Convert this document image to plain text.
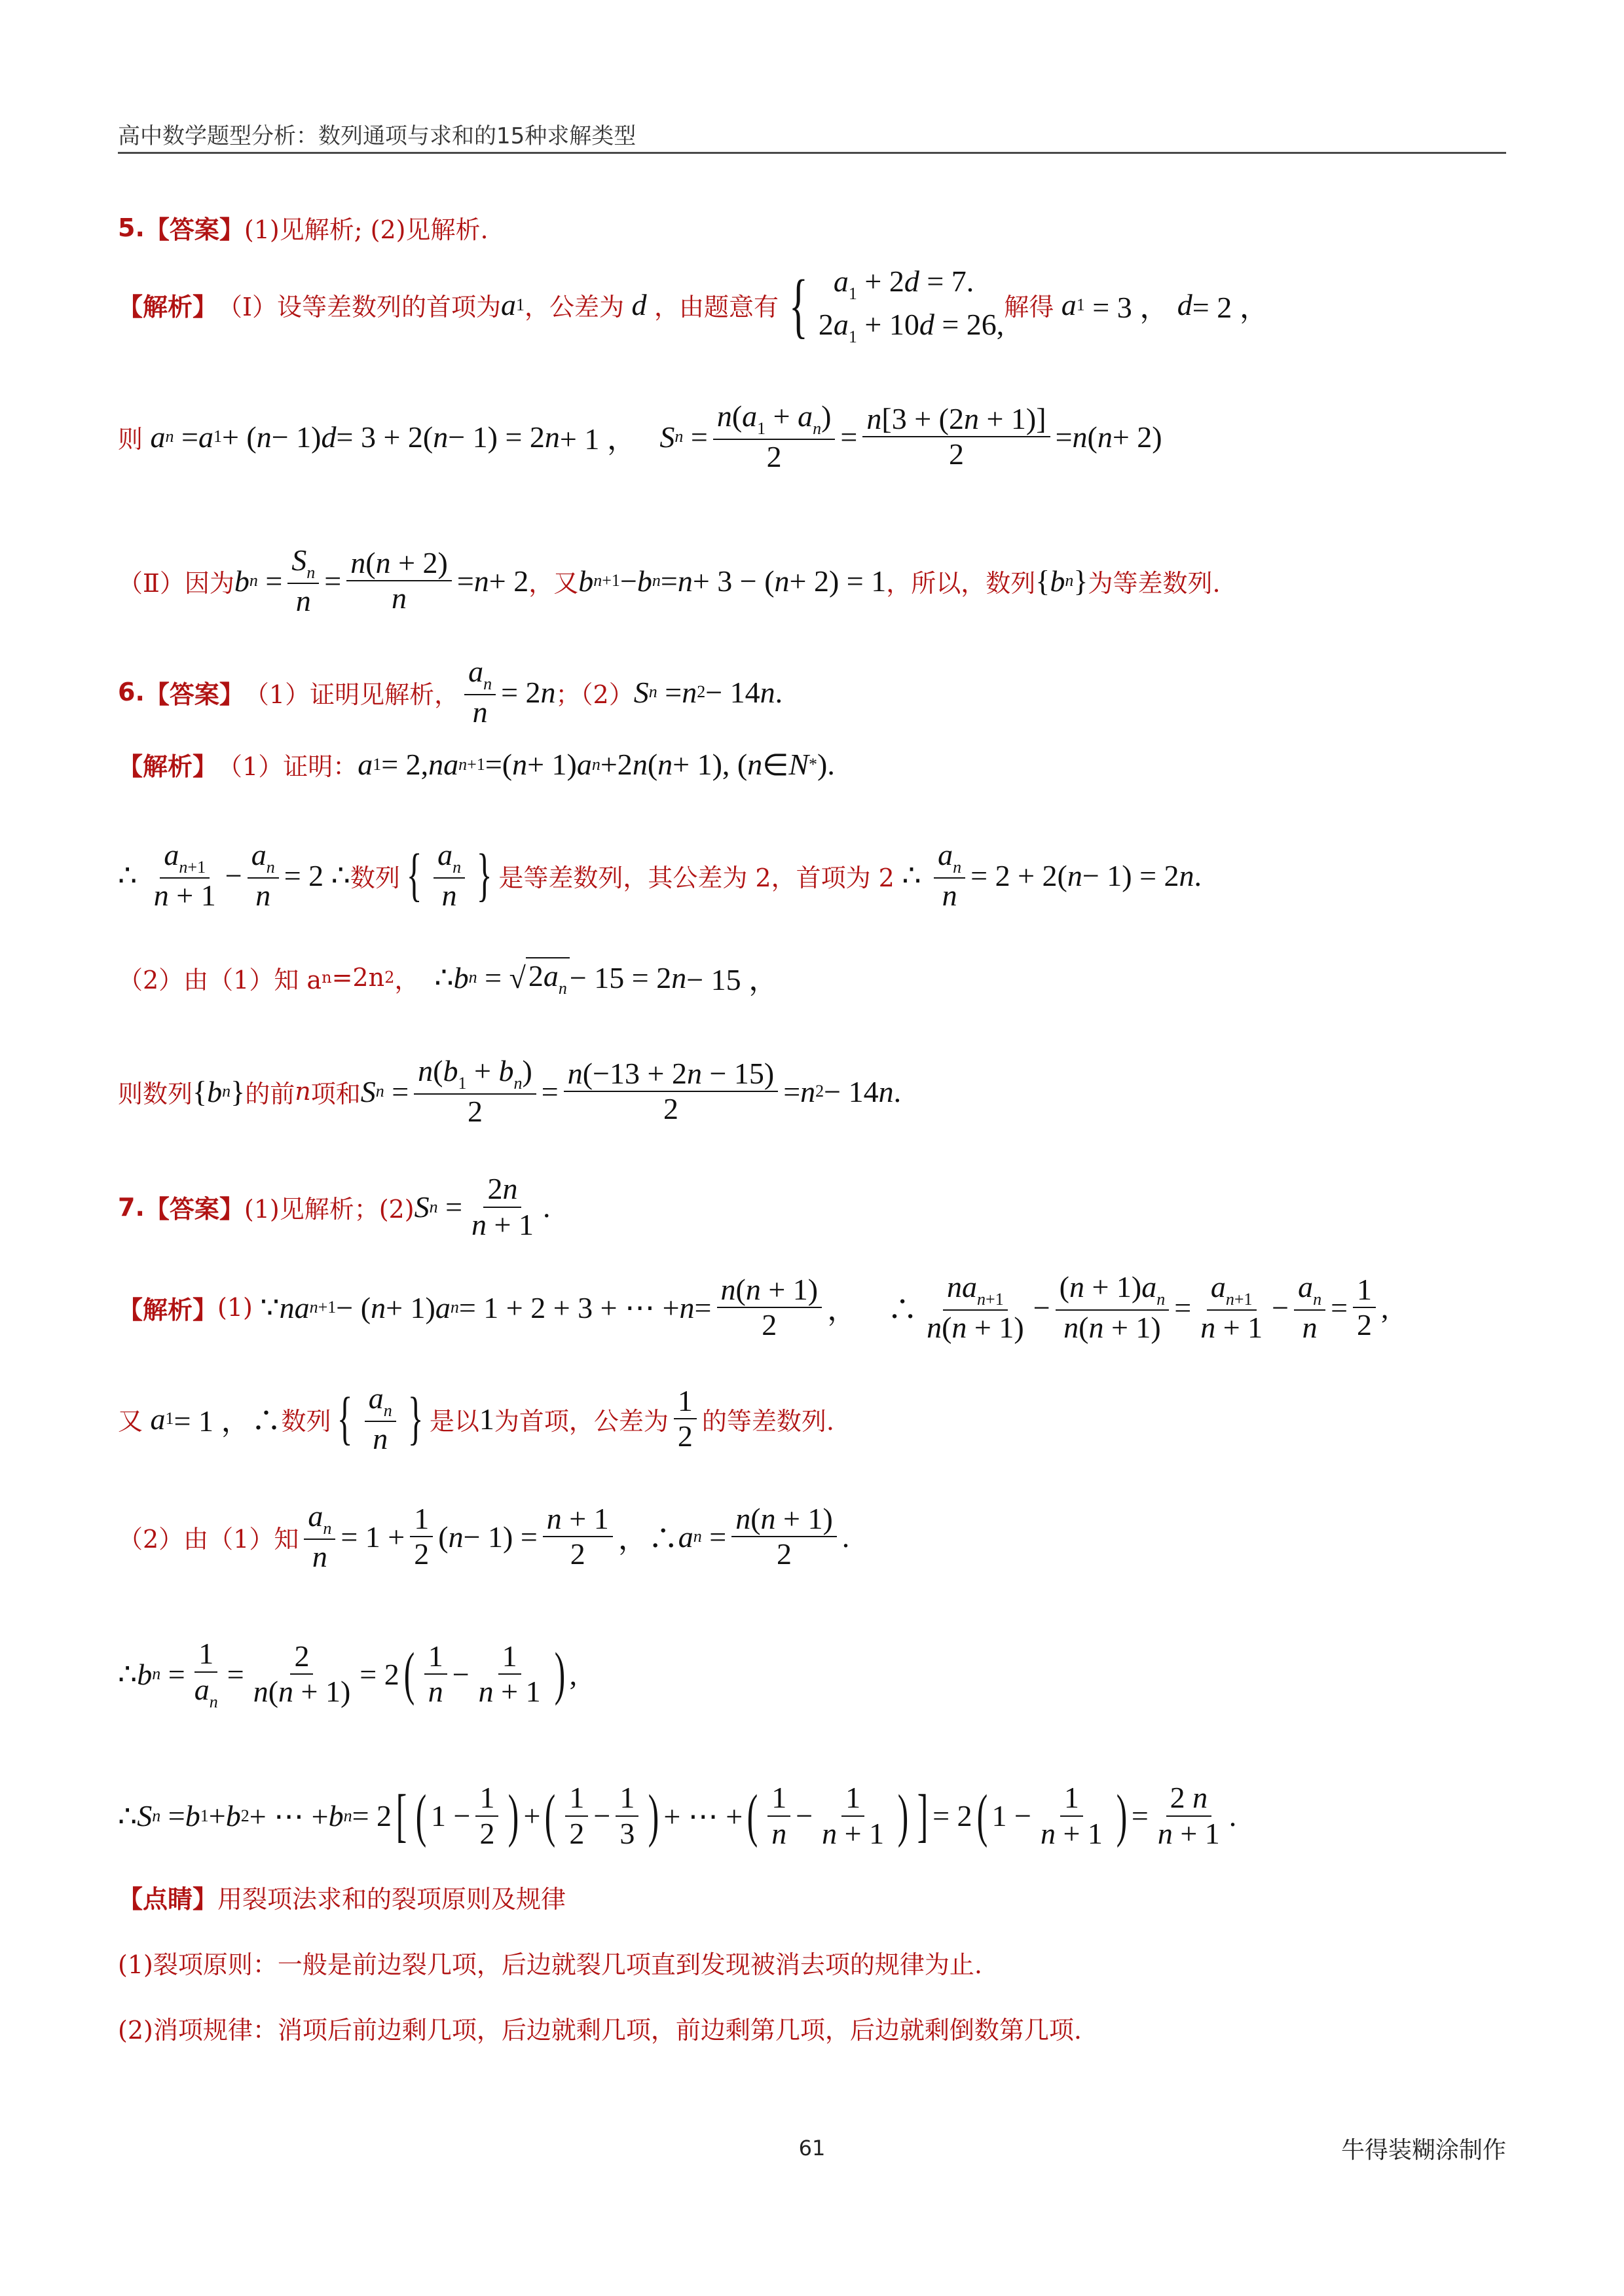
高中数学题型分析：数列通项与求和的15种求解类型
5. 【答案】 (1)见解析; (2)见解析.
【解析】 （Ⅰ）设等差数列的首项为 a 1 ，公差为
d
，由题意有 { $a_1 + 2d = 7$.
$2a_1 + 10d = 26$,
解得
a 1 = 3 ， d = 2 ，
则
a n = a 1 + ( n − 1) d = 3 + 2( n − 1) = 2 n + 1 ， S $n = \frac{n(a_1 + a_n)}{2} = \frac{n[3 + (2n + 1)]}{2} = n$ ( n + 2)
（Ⅱ）因为 b $n = \frac{S_n}{n} = \frac{n(n + 2)}{n} = n + 2$ ，又 b n+1 − b n = n + 3 − ( n + 2) = 1 ，所以，数列 { b n } 为等差数列.
6. 【答案】 （1）证明见解析， $\frac{a_n}{n} = 2$ n ；（2） S n = n 2 − 14 n .
【解析】 （1）证明： a 1 = 2, na n+1 =( n + 1) a n +2 n ( n + 1), ( n ∈ N * ).
∴ $\frac{a_{n+1}}{n + 1} - \frac{a_n}{n} = 2$ ∴ 数列 { $\frac{a_n}{n}$ } 是等差数列，其公差为 2，首项为 2 ∴ $\frac{a_n}{n} = 2 + 2$( n − 1) = 2 n .
（2）由（1）知 a n =2n 2 ， ∴ b n = √ $2a_n - 15 = 2$ n − 15 ，
则数列 { b n } 的前 n 项和 S $n = \frac{n(b_1 + b_n)}{2} = \frac{n(-13 + 2n - 15)}{2} = n$ 2 − 14 n .
7. 【答案】 (1)见解析；(2) S $n = \frac{2n}{n + 1}$ .
【解析】 (1) ∵ na n+1 − ( n + 1) a n = 1 + 2 + 3 + ⋯ + $n = \frac{n(n + 1)}{2}$ ，    ∴ $\frac{na_{n+1}}{n(n + 1)} - \frac{(n + 1)a_n}{n(n + 1)} = \frac{a_{n+1}}{n + 1} - \frac{a_n}{n} = \frac{1}{2}$ ,
又
a 1 = 1 ，∴ 数列 { $\frac{a_n}{n}$ } 是以 1 为首项，公差为 $\frac{1}{2}$ 的等差数列.
（2）由（1）知 $\frac{a_n}{n} = 1 + \frac{1}{2}$ ( $n - 1) = \frac{n + 1}{2}$ ，∴ a $n = \frac{n(n + 1)}{2}$ .
∴ b $n = \frac{1}{a_n} = \frac{2}{n(n + 1)} = 2$ ( $\frac{1}{n} - \frac{1}{n + 1}$ ) ,
∴ S n = b 1 + b 2 + ⋯ + b n = 2 [ ( $1 - \frac{1}{2}$ ) + ( $\frac{1}{2} - \frac{1}{3}$ ) + ⋯ + ( $\frac{1}{n} - \frac{1}{n + 1}$ ) ] = 2 ( $1 - \frac{1}{n + 1}$ ) = $\frac{2 n}{n + 1}$ .
【点睛】 用裂项法求和的裂项原则及规律
(1)裂项原则：一般是前边裂几项，后边就裂几项直到发现被消去项的规律为止.
(2)消项规律：消项后前边剩几项，后边就剩几项，前边剩第几项，后边就剩倒数第几项.
61	牛得装糊涂制作
